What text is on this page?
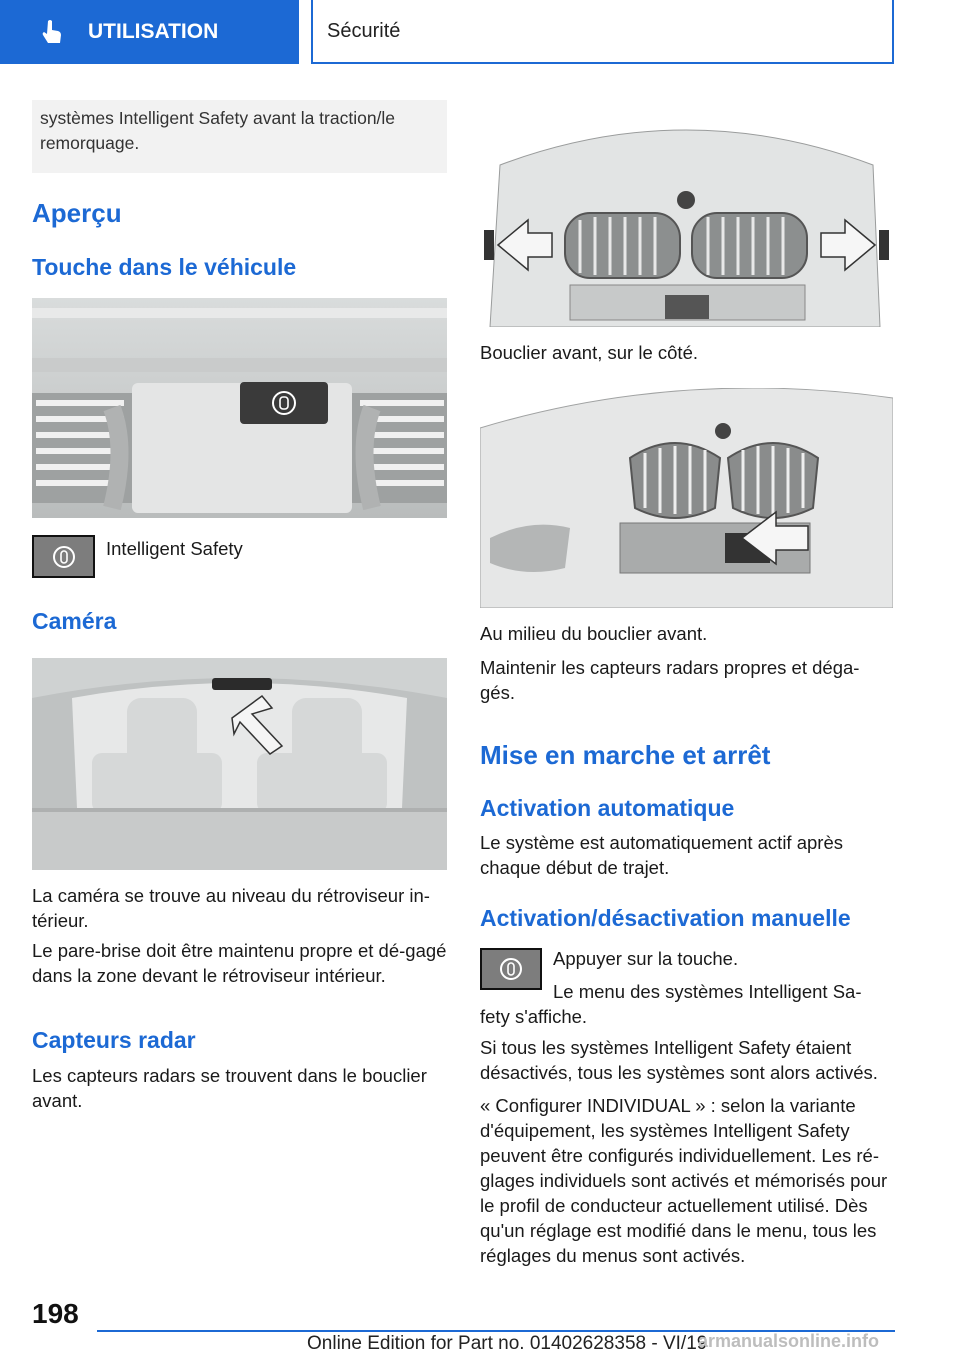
UTILISATION	Sécurité
systèmes Intelligent Safety avant la traction/le remorquage.
Aperçu
Touche dans le véhicule
Intelligent Safety
Caméra
La caméra se trouve au niveau du rétroviseur in-térieur.
Le pare-brise doit être maintenu propre et dé-gagé dans la zone devant le rétroviseur intérieur.
Capteurs radar
Les capteurs radars se trouvent dans le bouclier avant.
Bouclier avant, sur le côté.
Au milieu du bouclier avant.
Maintenir les capteurs radars propres et déga-gés.
Mise en marche et arrêt
Activation automatique
Le système est automatiquement actif après chaque début de trajet.
Activation/désactivation manuelle
Appuyer sur la touche.
Le menu des systèmes Intelligent Sa-fety s'affiche.
Si tous les systèmes Intelligent Safety étaient désactivés, tous les systèmes sont alors activés.
« Configurer INDIVIDUAL » : selon la variante d'équipement, les systèmes Intelligent Safety peuvent être configurés individuellement. Les ré-glages individuels sont activés et mémorisés pour le profil de conducteur actuellement utilisé. Dès qu'un réglage est modifié dans le menu, tous les réglages du menus sont activés.
198
Online Edition for Part no. 01402628358 - VI/19
armanualsonline.info
